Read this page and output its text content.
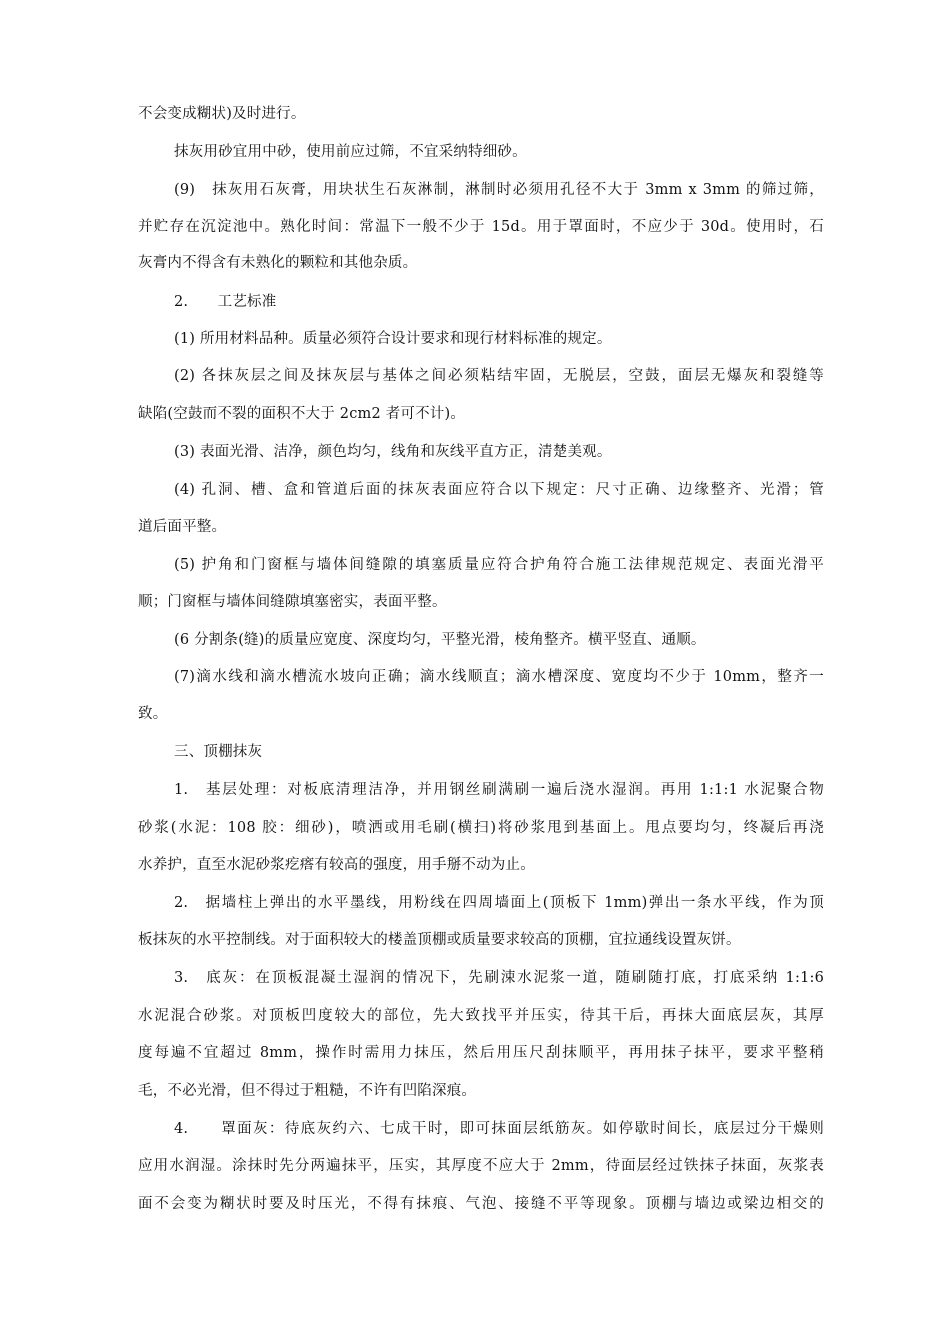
不会变成糊状)及时进行。
抹灰用砂宜用中砂，使用前应过筛，不宜采纳特细砂。
(9)　抹灰用石灰膏，用块状生石灰淋制，淋制时必须用孔径不大于 3mm x 3mm 的筛过筛，
并贮存在沉淀池中。熟化时间：常温下一般不少于 15d。用于罩面时，不应少于 30d。使用时，石
灰膏内不得含有未熟化的颗粒和其他杂质。
2.　　工艺标准
(1) 所用材料品种。质量必须符合设计要求和现行材料标准的规定。
(2) 各抹灰层之间及抹灰层与基体之间必须粘结牢固，无脱层，空鼓，面层无爆灰和裂缝等
缺陷(空鼓而不裂的面积不大于 2cm2 者可不计)。
(3) 表面光滑、洁净，颜色均匀，线角和灰线平直方正，清楚美观。
(4) 孔洞、槽、盒和管道后面的抹灰表面应符合以下规定：尺寸正确、边缘整齐、光滑；管
道后面平整。
(5) 护角和门窗框与墙体间缝隙的填塞质量应符合护角符合施工法律规范规定、表面光滑平
顺；门窗框与墙体间缝隙填塞密实，表面平整。
(6 分割条(缝)的质量应宽度、深度均匀，平整光滑，棱角整齐。横平竖直、通顺。
(7)滴水线和滴水槽流水坡向正确；滴水线顺直；滴水槽深度、宽度均不少于 10mm，整齐一
致。
三、顶棚抹灰
1.　基层处理：对板底清理洁净，并用钢丝刷满刷一遍后浇水湿润。再用 1:1:1 水泥聚合物
砂浆(水泥：108 胶：细砂)，喷洒或用毛刷(横扫)将砂浆甩到基面上。甩点要均匀，终凝后再浇
水养护，直至水泥砂浆疙瘩有较高的强度，用手掰不动为止。
2.　据墙柱上弹出的水平墨线，用粉线在四周墙面上(顶板下 1mm)弹出一条水平线，作为顶
板抹灰的水平控制线。对于面积较大的楼盖顶棚或质量要求较高的顶棚，宜拉通线设置灰饼。
3.　底灰：在顶板混凝土湿润的情况下，先刷涑水泥浆一道，随刷随打底，打底采纳 1:1:6
水泥混合砂浆。对顶板凹度较大的部位，先大致找平并压实，待其干后，再抹大面底层灰，其厚
度每遍不宜超过 8mm，操作时需用力抹压，然后用压尺刮抹顺平，再用抹子抹平，要求平整稍
毛，不必光滑，但不得过于粗糙，不许有凹陷深痕。
4.　　罩面灰：待底灰约六、七成干时，即可抹面层纸筋灰。如停歇时间长，底层过分干燥则
应用水润湿。涂抹时先分两遍抹平，压实，其厚度不应大于 2mm，待面层经过铁抹子抹面，灰浆表
面不会变为糊状时要及时压光，不得有抹痕、气泡、接缝不平等现象。顶棚与墙边或梁边相交的
